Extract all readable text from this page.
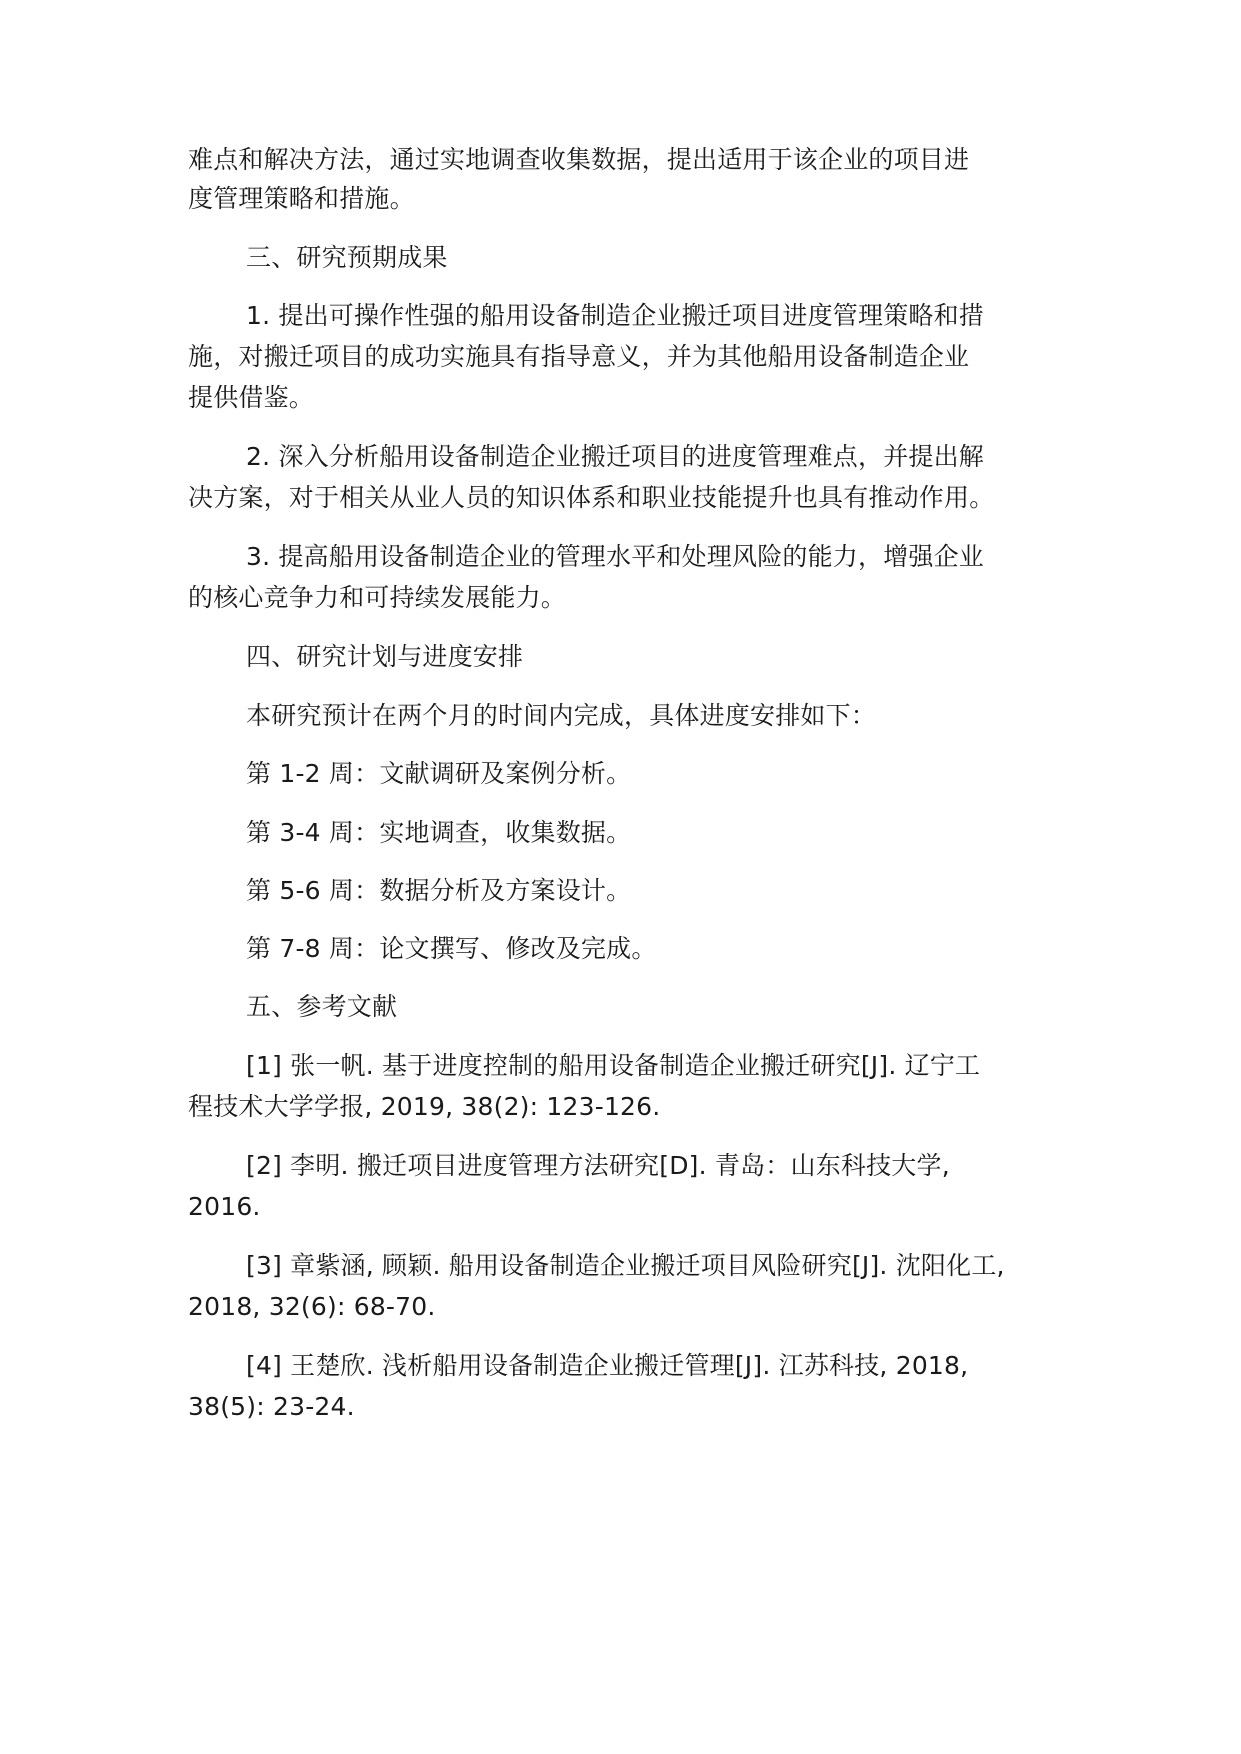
难点和解决方法，通过实地调查收集数据，提出适用于该企业的项目进

度管理策略和措施。

三、研究预期成果

1. 提出可操作性强的船用设备制造企业搬迁项目进度管理策略和措

施，对搬迁项目的成功实施具有指导意义，并为其他船用设备制造企业

提供借鉴。

2. 深入分析船用设备制造企业搬迁项目的进度管理难点，并提出解

决方案，对于相关从业人员的知识体系和职业技能提升也具有推动作用。

3. 提高船用设备制造企业的管理水平和处理风险的能力，增强企业

的核心竞争力和可持续发展能力。

四、研究计划与进度安排

本研究预计在两个月的时间内完成，具体进度安排如下：

第 1-2 周：文献调研及案例分析。

第 3-4 周：实地调查，收集数据。

第 5-6 周：数据分析及方案设计。

第 7-8 周：论文撰写、修改及完成。

五、参考文献

[1] 张一帆. 基于进度控制的船用设备制造企业搬迁研究[J]. 辽宁工

程技术大学学报, 2019, 38(2): 123-126.

[2] 李明. 搬迁项目进度管理方法研究[D]. 青岛：山东科技大学,

2016.

[3] 章紫涵, 顾颖. 船用设备制造企业搬迁项目风险研究[J]. 沈阳化工,

2018, 32(6): 68-70.

[4] 王楚欣. 浅析船用设备制造企业搬迁管理[J]. 江苏科技, 2018,

38(5): 23-24.
